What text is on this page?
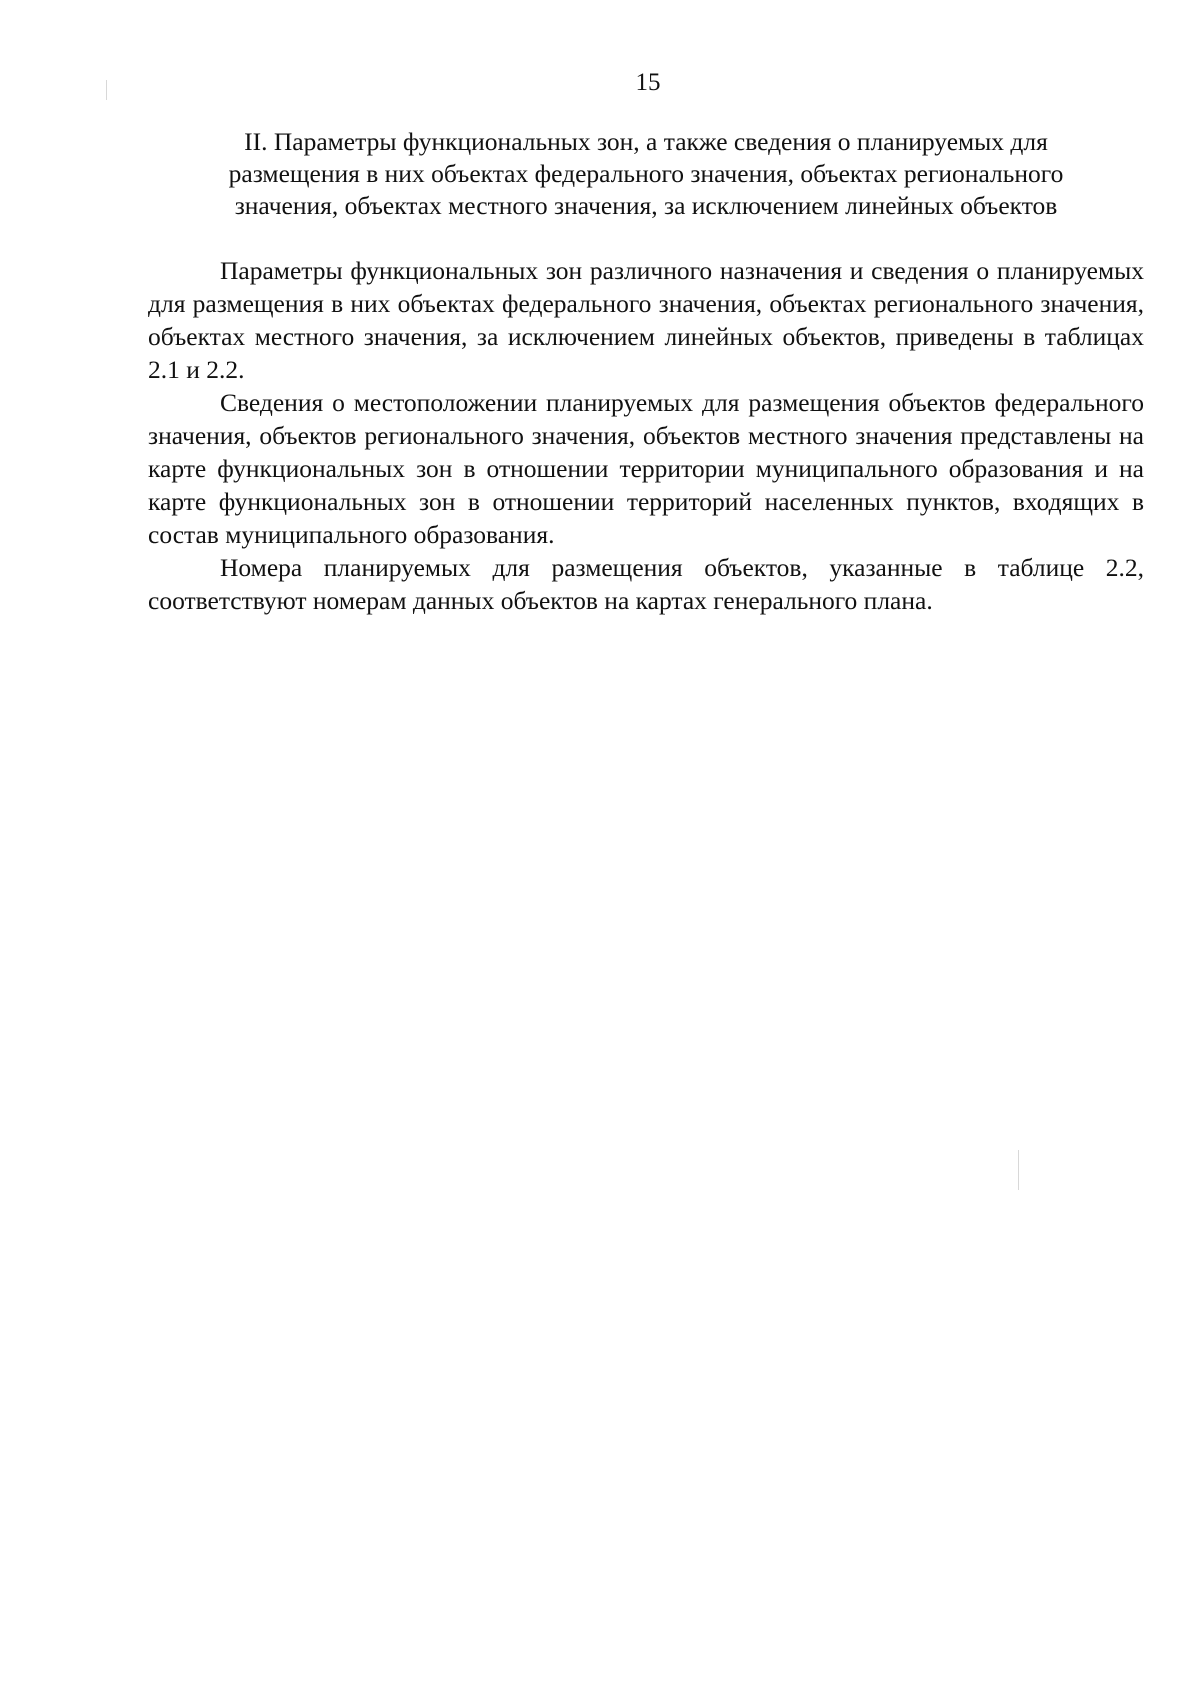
15
II. Параметры функциональных зон, а также сведения о планируемых для размещения в них объектах федерального значения, объектах регионального значения, объектах местного значения, за исключением линейных объектов

Параметры функциональных зон различного назначения и сведения о планируемых для размещения в них объектах федерального значения, объектах регионального значения, объектах местного значения, за исключением линейных объектов, приведены в таблицах 2.1 и 2.2.

Сведения о местоположении планируемых для размещения объектов федерального значения, объектов регионального значения, объектов местного значения представлены на карте функциональных зон в отношении территории муниципального образования и на карте функциональных зон в отношении территорий населенных пунктов, входящих в состав муниципального образования.

Номера планируемых для размещения объектов, указанные в таблице 2.2, соответствуют номерам данных объектов на картах генерального плана.
